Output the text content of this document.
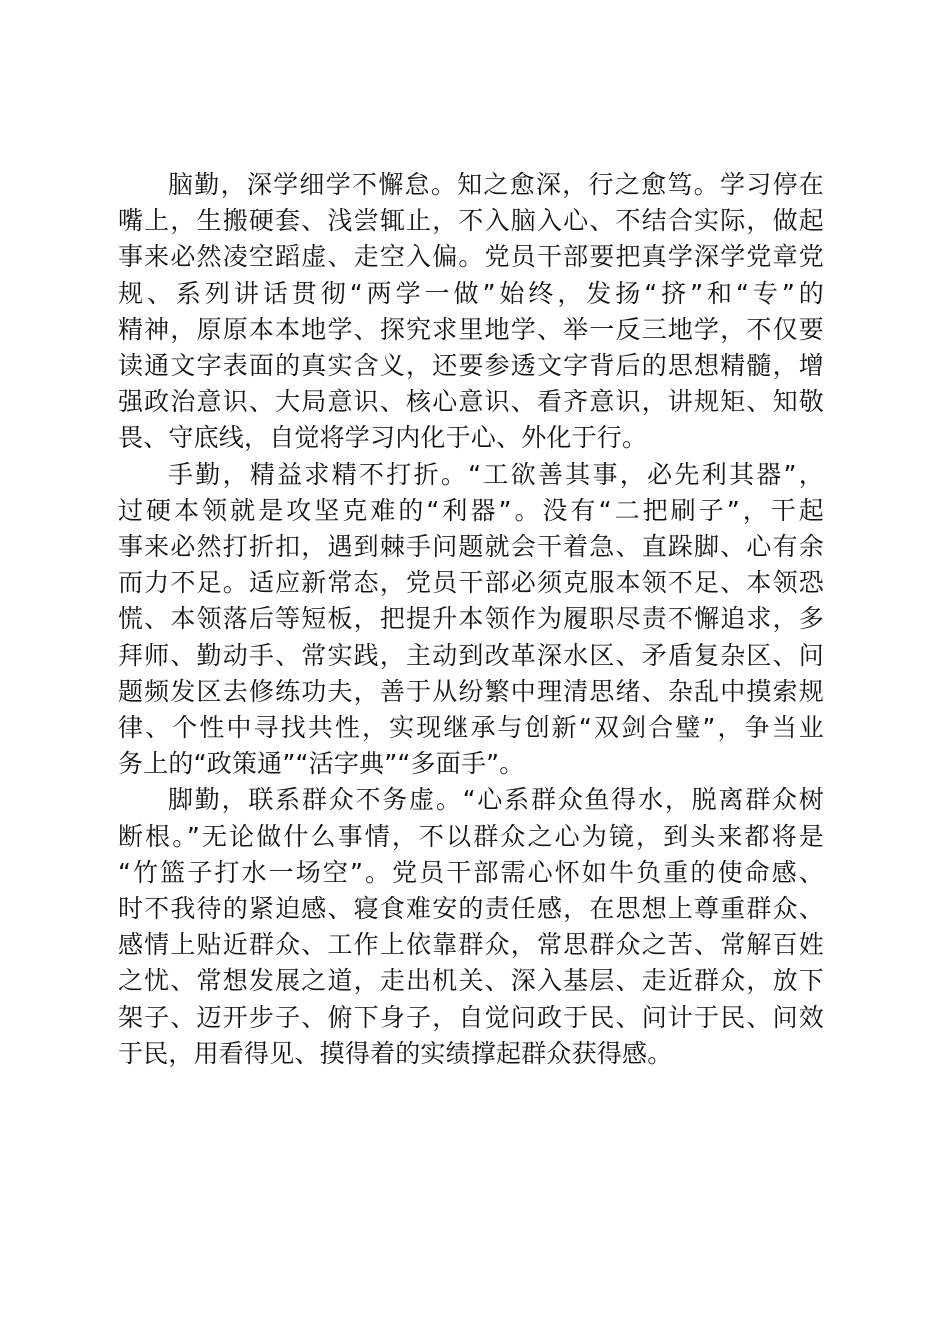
脑勤，深学细学不懈怠。知之愈深，行之愈笃。学习停在
嘴上，生搬硬套、浅尝辄止，不入脑入心、不结合实际，做起
事来必然凌空蹈虚、走空入偏。党员干部要把真学深学党章党
规、系列讲话贯彻“两学一做”始终，发扬“挤”和“专”的
精神，原原本本地学、探究求里地学、举一反三地学，不仅要
读通文字表面的真实含义，还要参透文字背后的思想精髓，增
强政治意识、大局意识、核心意识、看齐意识，讲规矩、知敬
畏、守底线，自觉将学习内化于心、外化于行。

手勤，精益求精不打折。“工欲善其事，必先利其器”，
过硬本领就是攻坚克难的“利器”。没有“二把刷子”，干起
事来必然打折扣，遇到棘手问题就会干着急、直跺脚、心有余
而力不足。适应新常态，党员干部必须克服本领不足、本领恐
慌、本领落后等短板，把提升本领作为履职尽责不懈追求，多
拜师、勤动手、常实践，主动到改革深水区、矛盾复杂区、问
题频发区去修练功夫，善于从纷繁中理清思绪、杂乱中摸索规
律、个性中寻找共性，实现继承与创新“双剑合璧”，争当业
务上的“政策通”“活字典”“多面手”。

脚勤，联系群众不务虚。“心系群众鱼得水，脱离群众树
断根。”无论做什么事情，不以群众之心为镜，到头来都将是
“竹篮子打水一场空”。党员干部需心怀如牛负重的使命感、
时不我待的紧迫感、寝食难安的责任感，在思想上尊重群众、
感情上贴近群众、工作上依靠群众，常思群众之苦、常解百姓
之忧、常想发展之道，走出机关、深入基层、走近群众，放下
架子、迈开步子、俯下身子，自觉问政于民、问计于民、问效
于民，用看得见、摸得着的实绩撑起群众获得感。
